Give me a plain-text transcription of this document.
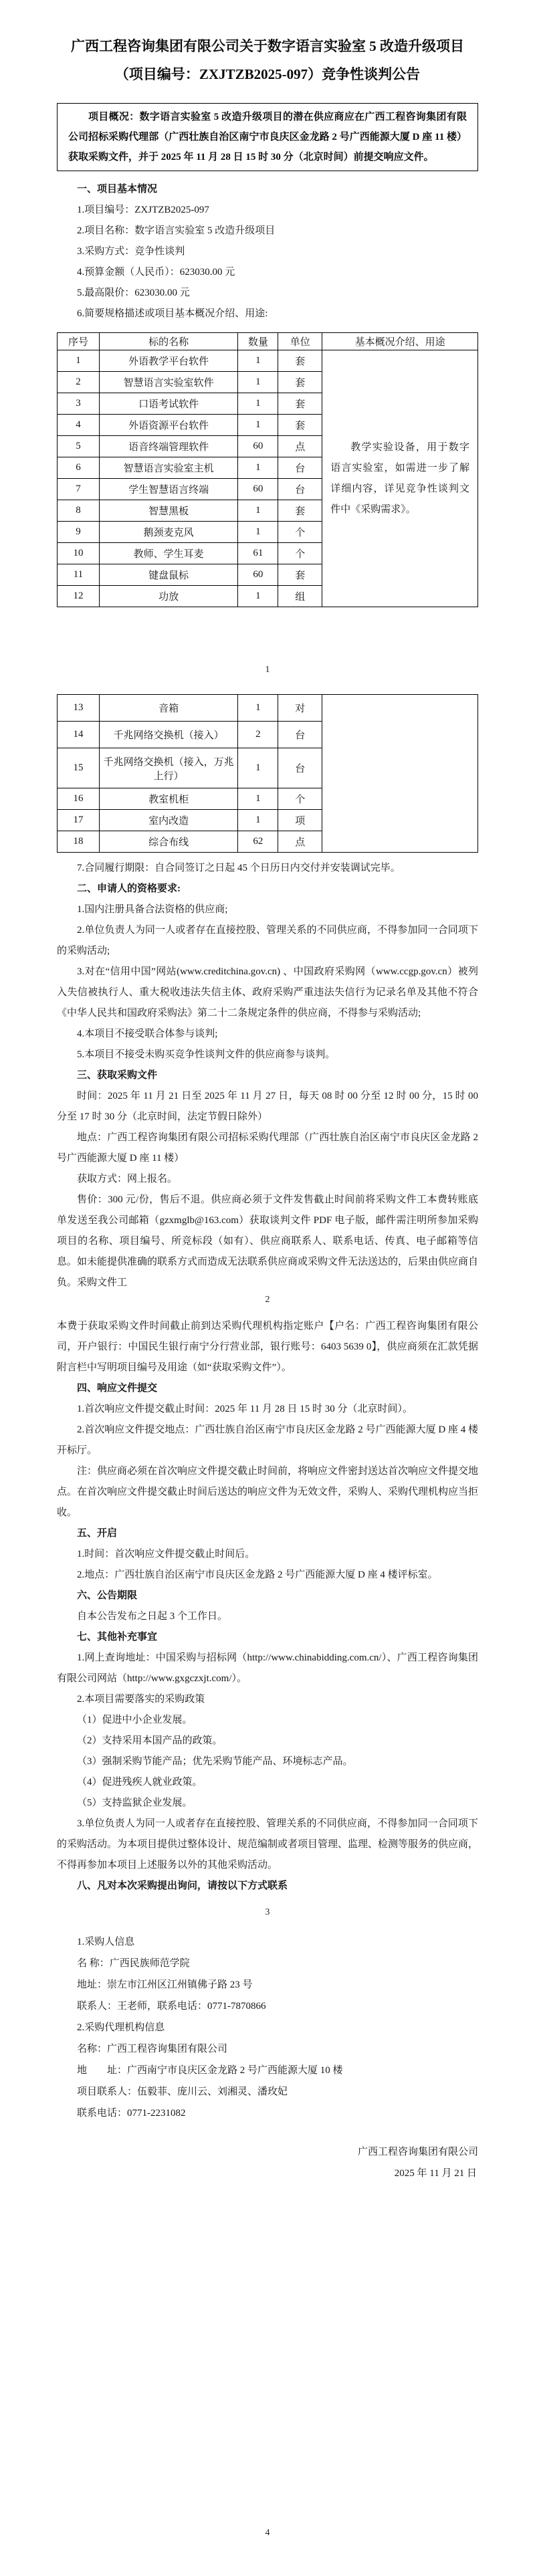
广西工程咨询集团有限公司关于数字语言实验室 5 改造升级项目
（项目编号：ZXJTZB2025-097）竞争性谈判公告
项目概况：数字语言实验室 5 改造升级项目的潜在供应商应在广西工程咨询集团有限公司招标采购代理部（广西壮族自治区南宁市良庆区金龙路 2 号广西能源大厦 D 座 11 楼）获取采购文件，并于 2025 年 11 月 28 日 15 时 30 分（北京时间）前提交响应文件。
一、项目基本情况
1.项目编号：ZXJTZB2025-097
2.项目名称：数字语言实验室 5 改造升级项目
3.采购方式：竞争性谈判
4.预算金额（人民币）：623030.00 元
5.最高限价：623030.00 元
6.简要规格描述或项目基本概况介绍、用途:
序号	标的名称	数量	单位	基本概况介绍、用途
1	外语教学平台软件	1	套	教学实验设备，用于数字语言实验室，如需进一步了解详细内容，详见竞争性谈判文件中《采购需求》。

2	智慧语言实验室软件	1	套	
3	口语考试软件	1	套	
4	外语资源平台软件	1	套	
5	语音终端管理软件	60	点	
6	智慧语言实验室主机	1	台	
7	学生智慧语言终端	60	台	
8	智慧黑板	1	套	
9	鹅颈麦克风	1	个	
10	教师、学生耳麦	61	个	
11	键盘鼠标	60	套	
12	功放	1	组	
1
13	音箱	1	对	
14	千兆网络交换机（接入）	2	台	
15	千兆网络交换机（接入，万兆上行）	1	台	
16	教室机柜	1	个	
17	室内改造	1	项	
18	综合布线	62	点	
7.合同履行期限：自合同签订之日起 45 个日历日内交付并安装调试完毕。
二、申请人的资格要求:
1.国内注册具备合法资格的供应商;
2.单位负责人为同一人或者存在直接控股、管理关系的不同供应商，不得参加同一合同项下的采购活动;
3.对在“信用中国”网站(www.creditchina.gov.cn) 、中国政府采购网（www.ccgp.gov.cn）被列入失信被执行人、重大税收违法失信主体、政府采购严重违法失信行为记录名单及其他不符合《中华人民共和国政府采购法》第二十二条规定条件的供应商，不得参与采购活动;
4.本项目不接受联合体参与谈判;
5.本项目不接受未购买竞争性谈判文件的供应商参与谈判。
三、获取采购文件
时间：2025 年 11 月 21 日至 2025 年 11 月 27 日，每天 08 时 00 分至 12 时 00 分，15 时 00 分至 17 时 30 分（北京时间，法定节假日除外）
地点：广西工程咨询集团有限公司招标采购代理部（广西壮族自治区南宁市良庆区金龙路 2 号广西能源大厦 D 座 11 楼）
获取方式：网上报名。
售价：300 元/份，售后不退。供应商必须于文件发售截止时间前将采购文件工本费转账底单发送至我公司邮箱（gzxmglb@163.com）获取谈判文件 PDF 电子版，邮件需注明所参加采购项目的名称、项目编号、所竞标段（如有）、供应商联系人、联系电话、传真、电子邮箱等信息。如未能提供准确的联系方式而造成无法联系供应商或采购文件无法送达的，后果由供应商自负。采购文件工
2
本费于获取采购文件时间截止前到达采购代理机构指定账户【户名：广西工程咨询集团有限公司，开户银行：中国民生银行南宁分行营业部，银行账号：6403 5639 0】，供应商须在汇款凭据附言栏中写明项目编号及用途（如“获取采购文件”）。
四、响应文件提交
1.首次响应文件提交截止时间：2025 年 11 月 28 日 15 时 30 分（北京时间）。
2.首次响应文件提交地点：广西壮族自治区南宁市良庆区金龙路 2 号广西能源大厦 D 座 4 楼开标厅。
注：供应商必须在首次响应文件提交截止时间前，将响应文件密封送达首次响应文件提交地点。在首次响应文件提交截止时间后送达的响应文件为无效文件，采购人、采购代理机构应当拒收。
五、开启
1.时间：首次响应文件提交截止时间后。
2.地点：广西壮族自治区南宁市良庆区金龙路 2 号广西能源大厦 D 座 4 楼评标室。
六、公告期限
自本公告发布之日起 3 个工作日。
七、其他补充事宜
1.网上查询地址：中国采购与招标网（http://www.chinabidding.com.cn/）、广西工程咨询集团有限公司网站（http://www.gxgczxjt.com/）。
2.本项目需要落实的采购政策
（1）促进中小企业发展。
（2）支持采用本国产品的政策。
（3）强制采购节能产品；优先采购节能产品、环境标志产品。
（4）促进残疾人就业政策。
（5）支持监狱企业发展。
3.单位负责人为同一人或者存在直接控股、管理关系的不同供应商，不得参加同一合同项下的采购活动。为本项目提供过整体设计、规范编制或者项目管理、监理、检测等服务的供应商，不得再参加本项目上述服务以外的其他采购活动。
八、凡对本次采购提出询问，请按以下方式联系
3
1.采购人信息
名 称：广西民族师范学院
地址：崇左市江州区江州镇佛子路 23 号
联系人：王老师，联系电话：0771-7870866
2.采购代理机构信息
名称：广西工程咨询集团有限公司
地　　址：广西南宁市良庆区金龙路 2 号广西能源大厦 10 楼
项目联系人：伍毅菲、庞川云、刘湘灵、潘玫妃
联系电话：0771-2231082
广西工程咨询集团有限公司
2025 年 11 月 21 日
4
